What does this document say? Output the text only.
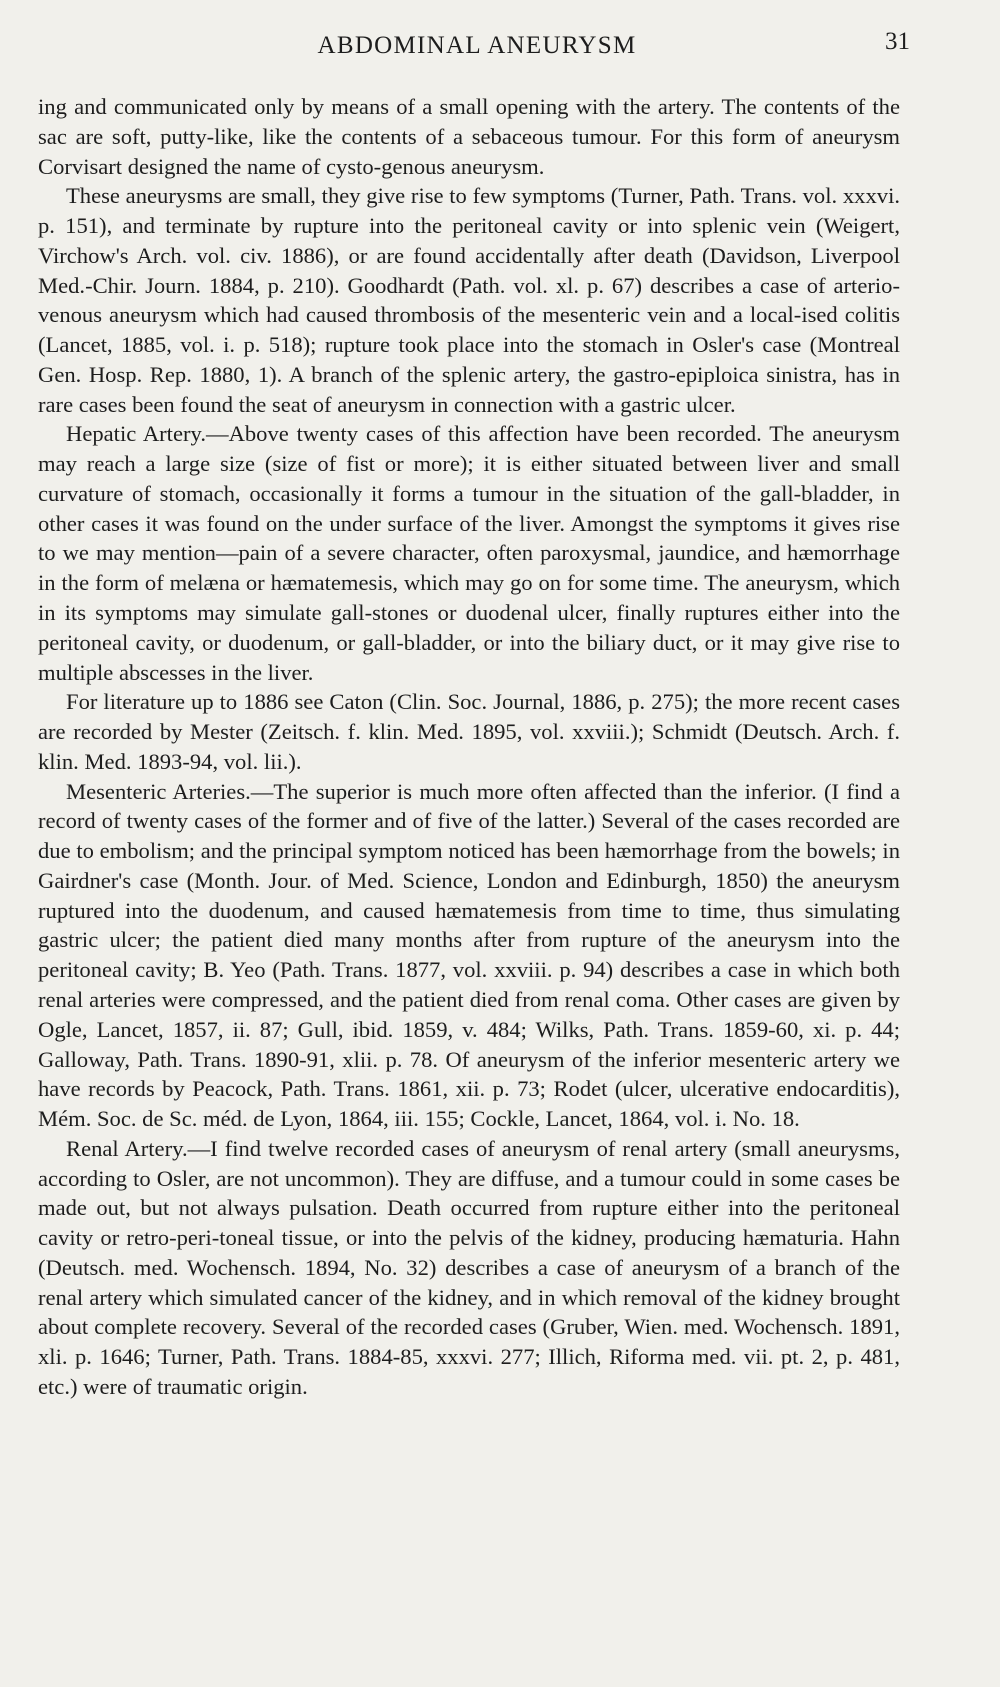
ABDOMINAL ANEURYSM	31

ing and communicated only by means of a small opening with the artery. The contents of the sac are soft, putty-like, like the contents of a sebaceous tumour. For this form of aneurysm Corvisart designed the name of cysto-genous aneurysm.

These aneurysms are small, they give rise to few symptoms (Turner, Path. Trans. vol. xxxvi. p. 151), and terminate by rupture into the peritoneal cavity or into splenic vein (Weigert, Virchow's Arch. vol. civ. 1886), or are found accidentally after death (Davidson, Liverpool Med.-Chir. Journ. 1884, p. 210). Goodhardt (Path. vol. xl. p. 67) describes a case of arterio-venous aneurysm which had caused thrombosis of the mesenteric vein and a local-ised colitis (Lancet, 1885, vol. i. p. 518); rupture took place into the stomach in Osler's case (Montreal Gen. Hosp. Rep. 1880, 1). A branch of the splenic artery, the gastro-epiploica sinistra, has in rare cases been found the seat of aneurysm in connection with a gastric ulcer.

Hepatic Artery.—Above twenty cases of this affection have been recorded. The aneurysm may reach a large size (size of fist or more); it is either situated between liver and small curvature of stomach, occasionally it forms a tumour in the situation of the gall-bladder, in other cases it was found on the under surface of the liver. Amongst the symptoms it gives rise to we may mention—pain of a severe character, often paroxysmal, jaundice, and hæmorrhage in the form of melæna or hæmatemesis, which may go on for some time. The aneurysm, which in its symptoms may simulate gall-stones or duodenal ulcer, finally ruptures either into the peritoneal cavity, or duodenum, or gall-bladder, or into the biliary duct, or it may give rise to multiple abscesses in the liver.

For literature up to 1886 see Caton (Clin. Soc. Journal, 1886, p. 275); the more recent cases are recorded by Mester (Zeitsch. f. klin. Med. 1895, vol. xxviii.); Schmidt (Deutsch. Arch. f. klin. Med. 1893-94, vol. lii.).

Mesenteric Arteries.—The superior is much more often affected than the inferior. (I find a record of twenty cases of the former and of five of the latter.) Several of the cases recorded are due to embolism; and the principal symptom noticed has been hæmorrhage from the bowels; in Gairdner's case (Month. Jour. of Med. Science, London and Edinburgh, 1850) the aneurysm ruptured into the duodenum, and caused hæmatemesis from time to time, thus simulating gastric ulcer; the patient died many months after from rupture of the aneurysm into the peritoneal cavity; B. Yeo (Path. Trans. 1877, vol. xxviii. p. 94) describes a case in which both renal arteries were compressed, and the patient died from renal coma. Other cases are given by Ogle, Lancet, 1857, ii. 87; Gull, ibid. 1859, v. 484; Wilks, Path. Trans. 1859-60, xi. p. 44; Galloway, Path. Trans. 1890-91, xlii. p. 78. Of aneurysm of the inferior mesenteric artery we have records by Peacock, Path. Trans. 1861, xii. p. 73; Rodet (ulcer, ulcerative endocarditis), Mém. Soc. de Sc. méd. de Lyon, 1864, iii. 155; Cockle, Lancet, 1864, vol. i. No. 18.

Renal Artery.—I find twelve recorded cases of aneurysm of renal artery (small aneurysms, according to Osler, are not uncommon). They are diffuse, and a tumour could in some cases be made out, but not always pulsation. Death occurred from rupture either into the peritoneal cavity or retro-peri-toneal tissue, or into the pelvis of the kidney, producing hæmaturia. Hahn (Deutsch. med. Wochensch. 1894, No. 32) describes a case of aneurysm of a branch of the renal artery which simulated cancer of the kidney, and in which removal of the kidney brought about complete recovery. Several of the recorded cases (Gruber, Wien. med. Wochensch. 1891, xli. p. 1646; Turner, Path. Trans. 1884-85, xxxvi. 277; Illich, Riforma med. vii. pt. 2, p. 481, etc.) were of traumatic origin.
